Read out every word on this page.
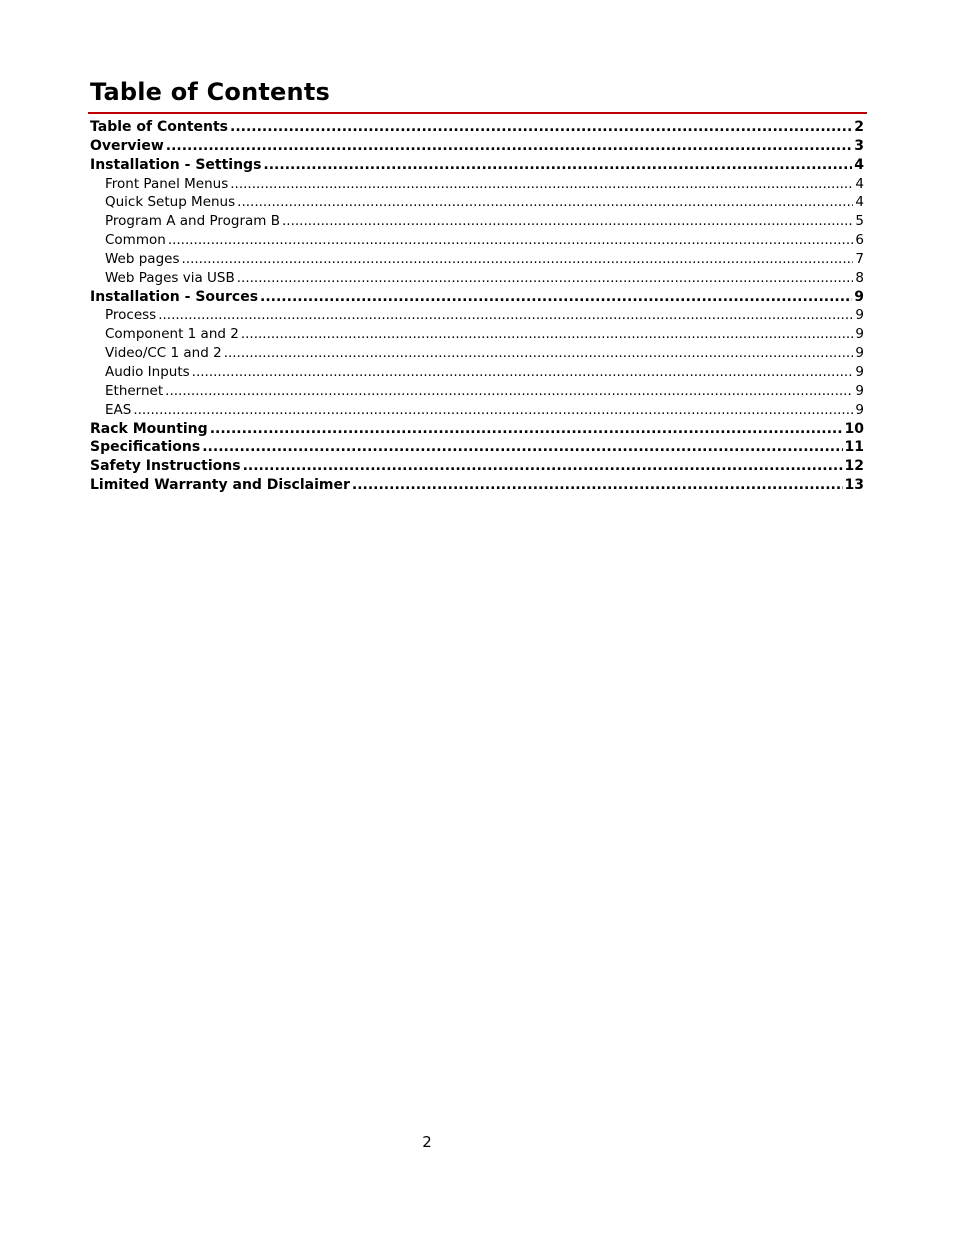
Table of Contents
Table of Contents .....	2
Overview .....	3
Installation - Settings .....	4
Front Panel Menus .....	4
Quick Setup Menus .....	4
Program A and Program B .....	5
Common .....	6
Web pages .....	7
Web Pages via USB .....	8
Installation - Sources .....	9
Process .....	9
Component 1 and 2 .....	9
Video/CC 1 and 2 .....	9
Audio Inputs .....	9
Ethernet .....	9
EAS .....	9
Rack Mounting .....	10
Specifications .....	11
Safety Instructions .....	12
Limited Warranty and Disclaimer .....	13
2
